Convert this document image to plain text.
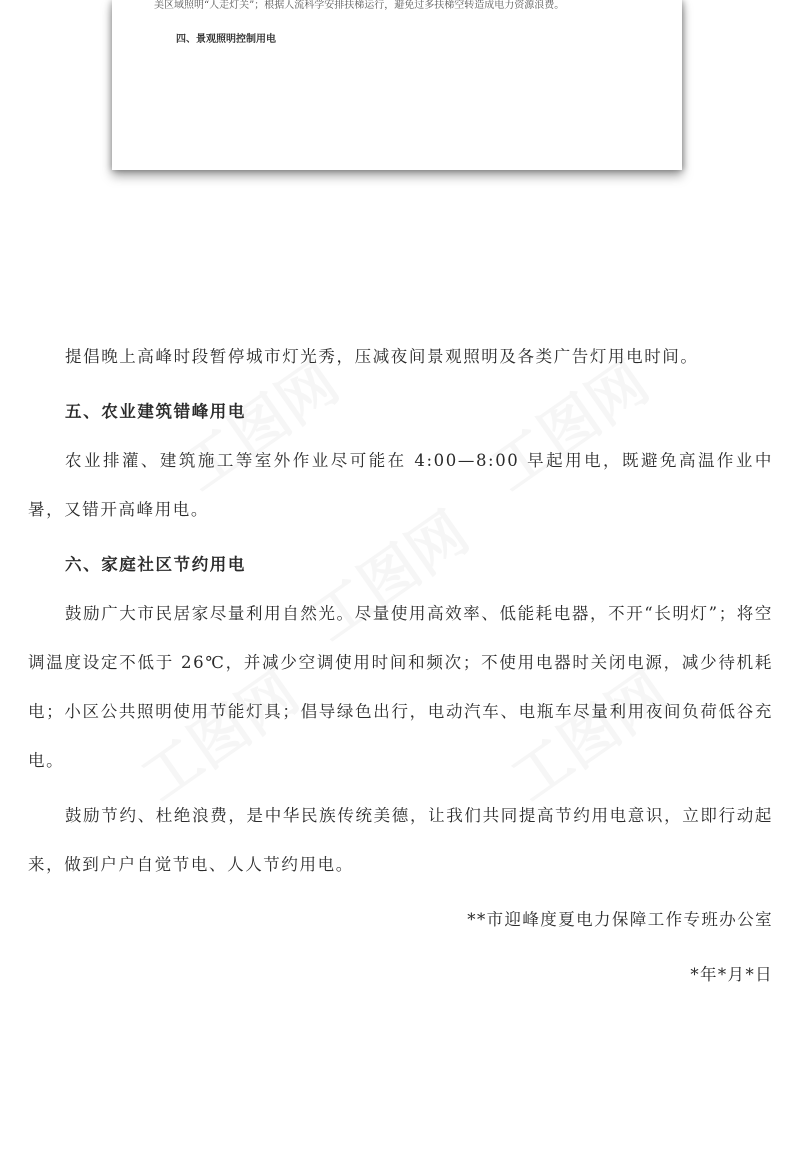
美区域照明“人走灯关”；根据人流科学安排扶梯运行，避免过多扶梯空转造成电力资源浪费。
四、景观照明控制用电

提倡晚上高峰时段暂停城市灯光秀，压减夜间景观照明及各类广告灯用电时间。

五、农业建筑错峰用电

农业排灌、建筑施工等室外作业尽可能在 4:00—8:00 早起用电，既避免高温作业中暑，又错开高峰用电。

六、家庭社区节约用电

鼓励广大市民居家尽量利用自然光。尽量使用高效率、低能耗电器，不开“长明灯”；将空调温度设定不低于 26℃，并减少空调使用时间和频次；不使用电器时关闭电源，减少待机耗电；小区公共照明使用节能灯具；倡导绿色出行，电动汽车、电瓶车尽量利用夜间负荷低谷充电。

鼓励节约、杜绝浪费，是中华民族传统美德，让我们共同提高节约用电意识，立即行动起来，做到户户自觉节电、人人节约用电。

**市迎峰度夏电力保障工作专班办公室

*年*月*日
